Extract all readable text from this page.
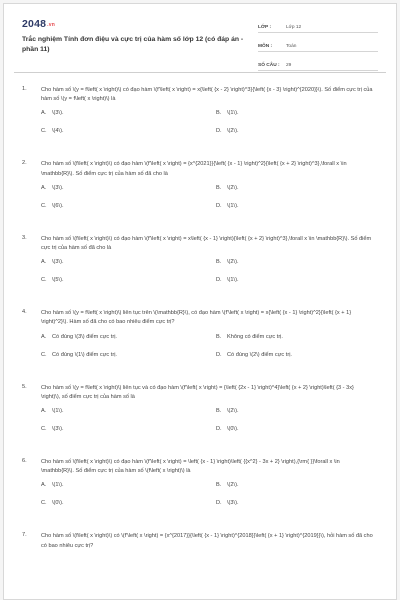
2048.vn
Trắc nghiệm Tính đơn điệu và cực trị của hàm số lớp 12 (có đáp án - phần 11)
LỚP :	Lớp 12
MÔN :	Toán
SỐ CÂU : 29
1.	Cho hàm số \(y = f\left( x \right)\) có đạo hàm \(f'\left( x \right) = x{\left( {x - 2} \right)^3}{\left( {x - 3} \right)^{2020}}\). Số điểm cực trị của hàm số \(y = f\left( x \right)\) là
A. \(3\).	B. \(1\).
C. \(4\).	D. \(2\).
2.	Cho hàm số \(f\left( x \right)\) có đạo hàm \(f'\left( x \right) = {x^{2021}}{\left( {x - 1} \right)^2}{\left( {x + 2} \right)^3},\forall x \in \mathbb{R}\). Số điểm cực trị của hàm số đã cho là
A. \(3\).	B. \(2\).
C. \(6\).	D. \(1\).
3.	Cho hàm số \(f\left( x \right)\) có đạo hàm \(f'\left( x \right) = x\left( {x - 1} \right){\left( {x + 2} \right)^3},\forall x \in \mathbb{R}\). Số điểm cực trị của hàm số đã cho là
A. \(3\).	B. \(2\).
C. \(5\).	D. \(1\).
4.	Cho hàm số \(y = f\left( x \right)\) liên tục trên \(\mathbb{R}\), có đạo hàm \(f'\left( x \right) = x{\left( {x - 1} \right)^2}{\left( {x + 1} \right)^2}\). Hàm số đã cho có bao nhiêu điểm cực trị?
A. Có đúng \(3\) điểm cực trị.	B. Không có điểm cực trị.
C. Có đúng \(1\) điểm cực trị.	D. Có đúng \(2\) điểm cực trị.
5.	Cho hàm số \(y = f\left( x \right)\) liên tục và có đạo hàm \(f'\left( x \right) = {\left( {2x - 1} \right)^4}\left( {x + 2} \right)\left( {3 - 3x} \right)\), số điểm cực trị của hàm số là
A. \(1\).	B. \(2\).
C. \(3\).	D. \(0\).
6.	Cho hàm số \(f\left( x \right)\) có đạo hàm \(f'\left( x \right) = \left( {x - 1} \right)\left( {{x^2} - 3x + 2} \right),{\rm{ }}\forall x \in \mathbb{R}\). Số điểm cực trị của hàm số \(f\left( x \right)\) là
A. \(1\).	B. \(2\).
C. \(0\).	D. \(3\).
7.	Cho hàm số \(f\left( x \right)\) có \(f'\left( x \right) = {x^{2017}}{\left( {x - 1} \right)^{2018}}\left( {x + 1} \right)^{2019}}\), hỏi hàm số đã cho có bao nhiêu cực trị?
